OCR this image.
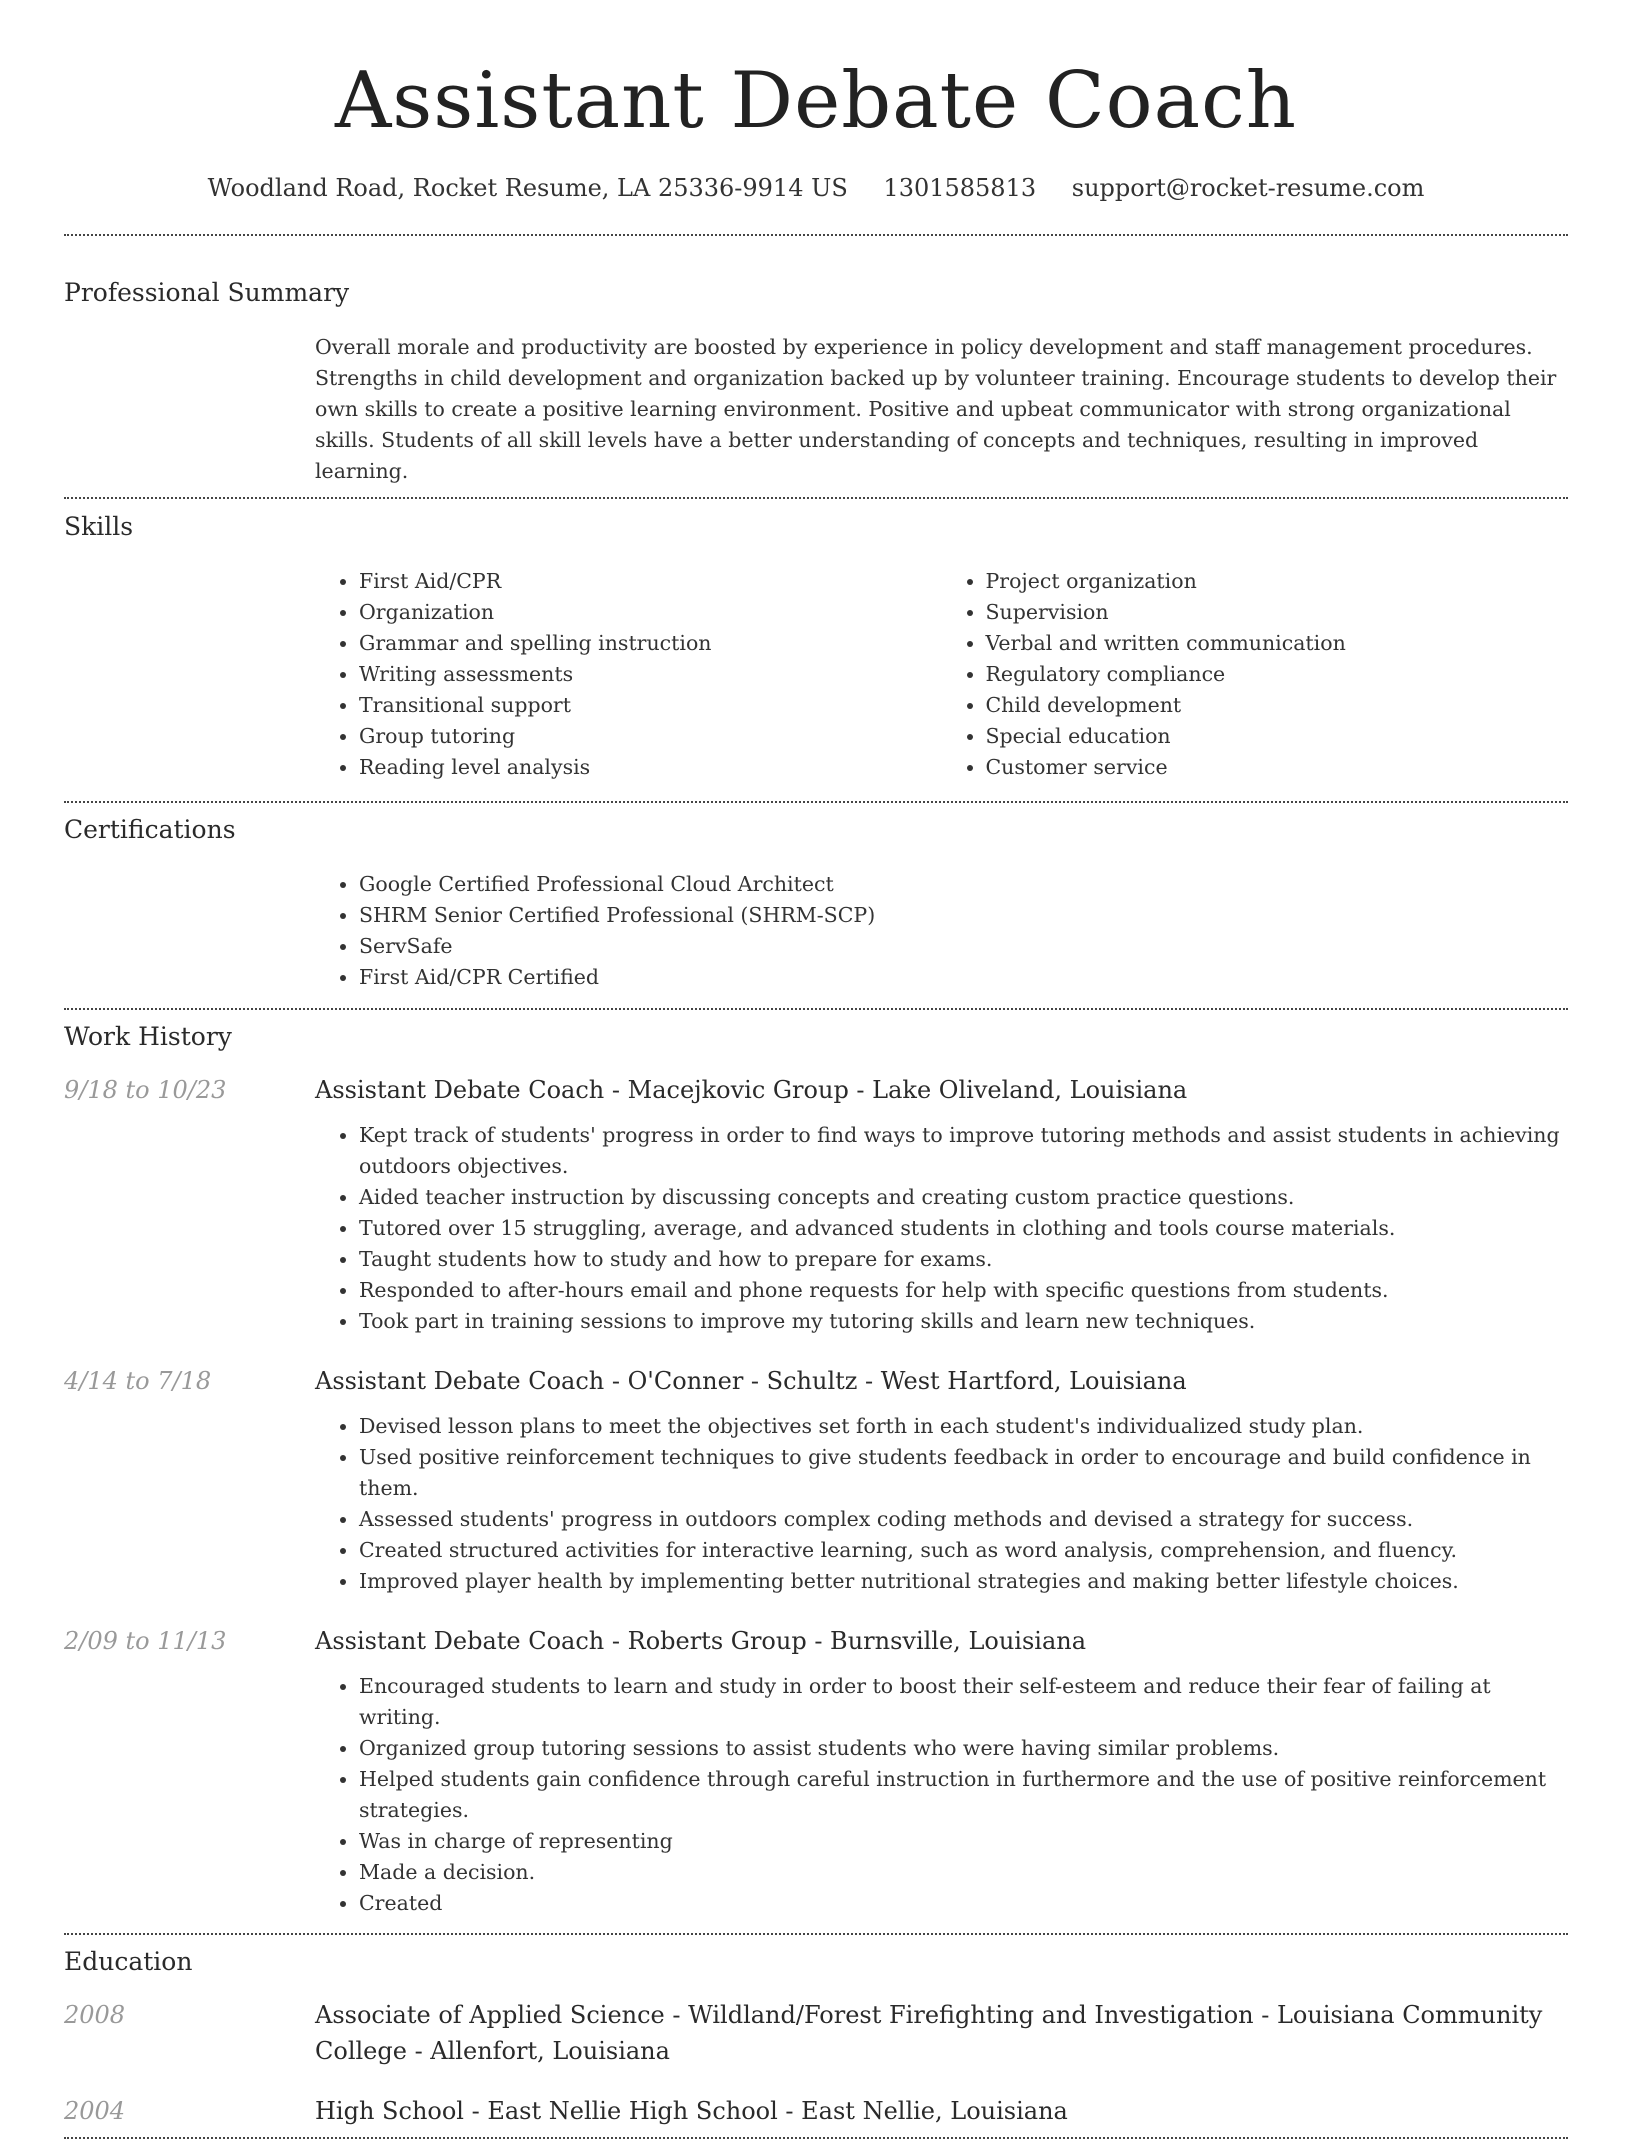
Assistant Debate Coach
Woodland Road, Rocket Resume, LA 25336-9914 US 1301585813 support@rocket-resume.com
Professional Summary
Overall morale and productivity are boosted by experience in policy development and staff management procedures. Strengths in child development and organization backed up by volunteer training. Encourage students to develop their own skills to create a positive learning environment. Positive and upbeat communicator with strong organizational skills. Students of all skill levels have a better understanding of concepts and techniques, resulting in improved learning.
Skills
• First Aid/CPR
• Organization
• Grammar and spelling instruction
• Writing assessments
• Transitional support
• Group tutoring
• Reading level analysis
• Project organization
• Supervision
• Verbal and written communication
• Regulatory compliance
• Child development
• Special education
• Customer service
Certifications
• Google Certified Professional Cloud Architect
• SHRM Senior Certified Professional (SHRM-SCP)
• ServSafe
• First Aid/CPR Certified
Work History
9/18 to 10/23	Assistant Debate Coach - Macejkovic Group - Lake Oliveland, Louisiana
• Kept track of students' progress in order to find ways to improve tutoring methods and assist students in achieving outdoors objectives.
• Aided teacher instruction by discussing concepts and creating custom practice questions.
• Tutored over 15 struggling, average, and advanced students in clothing and tools course materials.
• Taught students how to study and how to prepare for exams.
• Responded to after-hours email and phone requests for help with specific questions from students.
• Took part in training sessions to improve my tutoring skills and learn new techniques.
4/14 to 7/18	Assistant Debate Coach - O'Conner - Schultz - West Hartford, Louisiana
• Devised lesson plans to meet the objectives set forth in each student's individualized study plan.
• Used positive reinforcement techniques to give students feedback in order to encourage and build confidence in them.
• Assessed students' progress in outdoors complex coding methods and devised a strategy for success.
• Created structured activities for interactive learning, such as word analysis, comprehension, and fluency.
• Improved player health by implementing better nutritional strategies and making better lifestyle choices.
2/09 to 11/13	Assistant Debate Coach - Roberts Group - Burnsville, Louisiana
• Encouraged students to learn and study in order to boost their self-esteem and reduce their fear of failing at writing.
• Organized group tutoring sessions to assist students who were having similar problems.
• Helped students gain confidence through careful instruction in furthermore and the use of positive reinforcement strategies.
• Was in charge of representing
• Made a decision.
• Created
Education
2008	Associate of Applied Science - Wildland/Forest Firefighting and Investigation - Louisiana Community College - Allenfort, Louisiana
2004	High School - East Nellie High School - East Nellie, Louisiana
